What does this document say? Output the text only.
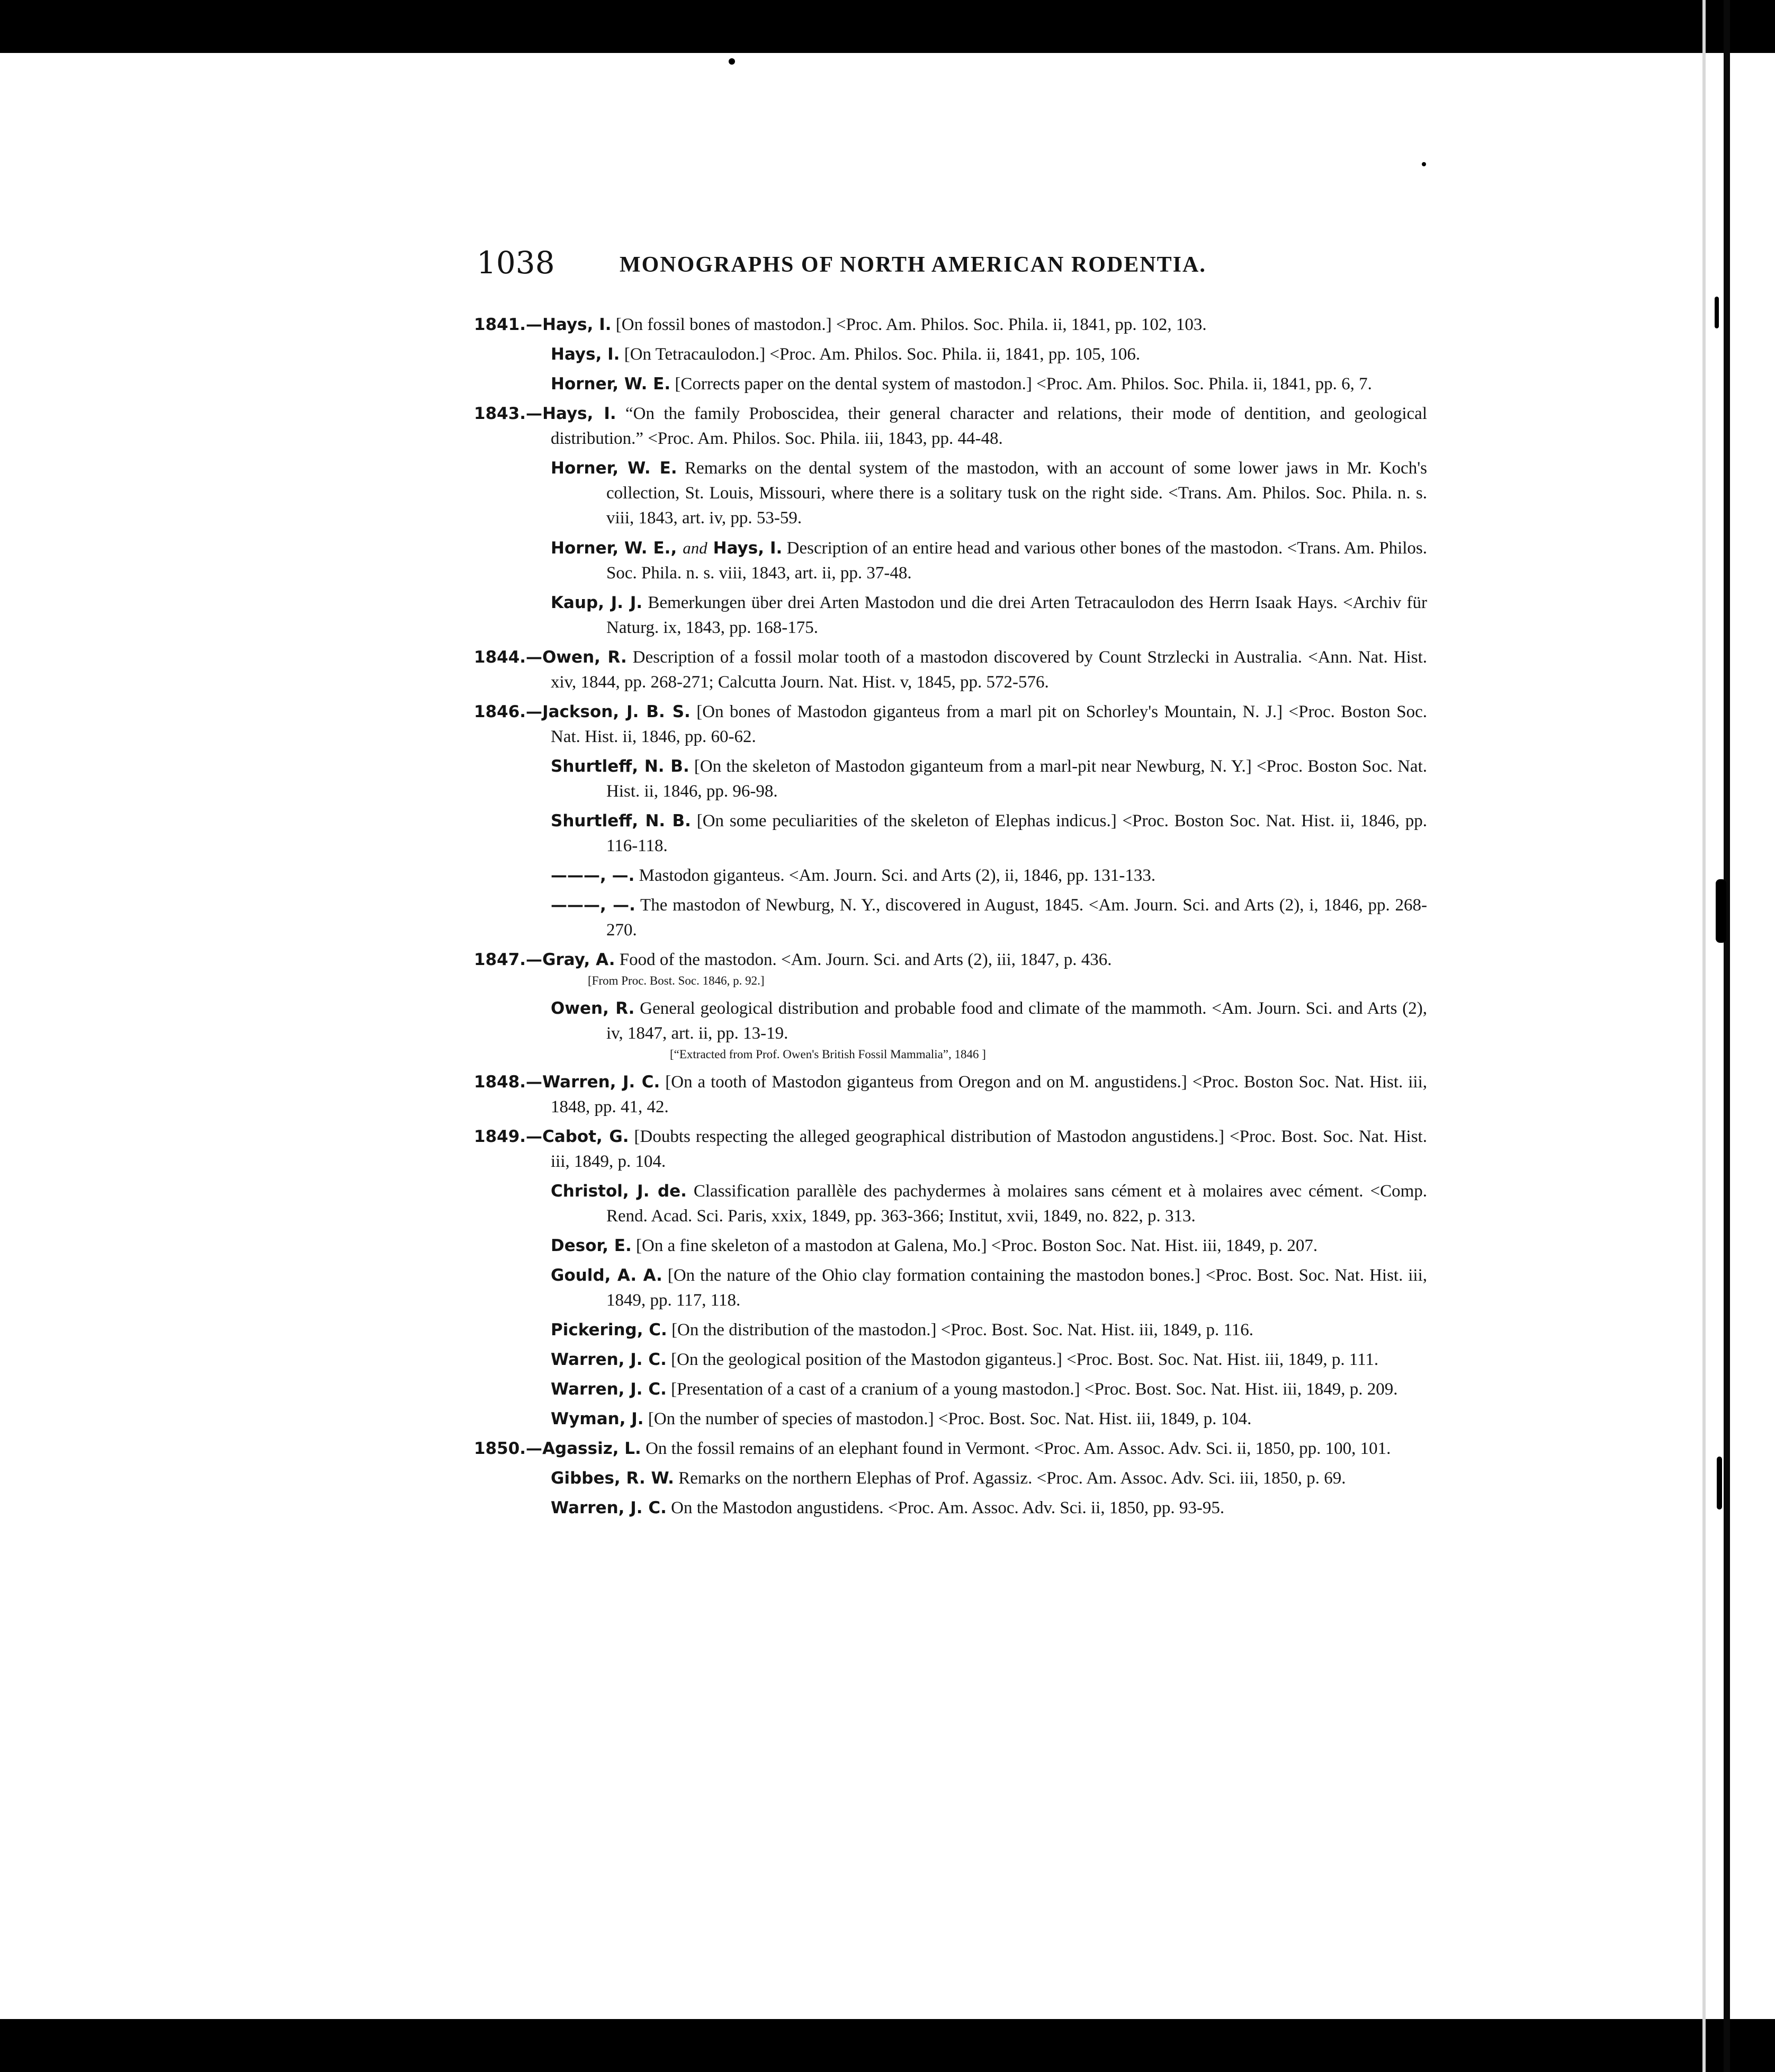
1038	MONOGRAPHS OF NORTH AMERICAN RODENTIA.
1841.—Hays, I. [On fossil bones of mastodon.] <Proc. Am. Philos. Soc. Phila. ii, 1841, pp. 102, 103.
Hays, I. [On Tetracaulodon.] <Proc. Am. Philos. Soc. Phila. ii, 1841, pp. 105, 106.
Horner, W. E. [Corrects paper on the dental system of mastodon.] <Proc. Am. Philos. Soc. Phila. ii, 1841, pp. 6, 7.
1843.—Hays, I. “On the family Proboscidea, their general character and relations, their mode of dentition, and geological distribution.” <Proc. Am. Philos. Soc. Phila. iii, 1843, pp. 44-48.
Horner, W. E. Remarks on the dental system of the mastodon, with an account of some lower jaws in Mr. Koch's collection, St. Louis, Missouri, where there is a solitary tusk on the right side. <Trans. Am. Philos. Soc. Phila. n. s. viii, 1843, art. iv, pp. 53-59.
Horner, W. E., and Hays, I. Description of an entire head and various other bones of the mastodon. <Trans. Am. Philos. Soc. Phila. n. s. viii, 1843, art. ii, pp. 37-48.
Kaup, J. J. Bemerkungen über drei Arten Mastodon und die drei Arten Tetracaulodon des Herrn Isaak Hays. <Archiv für Naturg. ix, 1843, pp. 168-175.
1844.—Owen, R. Description of a fossil molar tooth of a mastodon discovered by Count Strzlecki in Australia. <Ann. Nat. Hist. xiv, 1844, pp. 268-271; Calcutta Journ. Nat. Hist. v, 1845, pp. 572-576.
1846.—Jackson, J. B. S. [On bones of Mastodon giganteus from a marl pit on Schorley's Mountain, N. J.] <Proc. Boston Soc. Nat. Hist. ii, 1846, pp. 60-62.
Shurtleff, N. B. [On the skeleton of Mastodon giganteum from a marl-pit near Newburg, N. Y.] <Proc. Boston Soc. Nat. Hist. ii, 1846, pp. 96-98.
Shurtleff, N. B. [On some peculiarities of the skeleton of Elephas indicus.] <Proc. Boston Soc. Nat. Hist. ii, 1846, pp. 116-118.
———, —. Mastodon giganteus. <Am. Journ. Sci. and Arts (2), ii, 1846, pp. 131-133.
———, —. The mastodon of Newburg, N. Y., discovered in August, 1845. <Am. Journ. Sci. and Arts (2), i, 1846, pp. 268-270.
1847.—Gray, A. Food of the mastodon. <Am. Journ. Sci. and Arts (2), iii, 1847, p. 436.
[From Proc. Bost. Soc. 1846, p. 92.]
Owen, R. General geological distribution and probable food and climate of the mammoth. <Am. Journ. Sci. and Arts (2), iv, 1847, art. ii, pp. 13-19.
[“Extracted from Prof. Owen's British Fossil Mammalia”, 1846 ]
1848.—Warren, J. C. [On a tooth of Mastodon giganteus from Oregon and on M. angustidens.] <Proc. Boston Soc. Nat. Hist. iii, 1848, pp. 41, 42.
1849.—Cabot, G. [Doubts respecting the alleged geographical distribution of Mastodon angustidens.] <Proc. Bost. Soc. Nat. Hist. iii, 1849, p. 104.
Christol, J. de. Classification parallèle des pachydermes à molaires sans cément et à molaires avec cément. <Comp. Rend. Acad. Sci. Paris, xxix, 1849, pp. 363-366; Institut, xvii, 1849, no. 822, p. 313.
Desor, E. [On a fine skeleton of a mastodon at Galena, Mo.] <Proc. Boston Soc. Nat. Hist. iii, 1849, p. 207.
Gould, A. A. [On the nature of the Ohio clay formation containing the mastodon bones.] <Proc. Bost. Soc. Nat. Hist. iii, 1849, pp. 117, 118.
Pickering, C. [On the distribution of the mastodon.] <Proc. Bost. Soc. Nat. Hist. iii, 1849, p. 116.
Warren, J. C. [On the geological position of the Mastodon giganteus.] <Proc. Bost. Soc. Nat. Hist. iii, 1849, p. 111.
Warren, J. C. [Presentation of a cast of a cranium of a young mastodon.] <Proc. Bost. Soc. Nat. Hist. iii, 1849, p. 209.
Wyman, J. [On the number of species of mastodon.] <Proc. Bost. Soc. Nat. Hist. iii, 1849, p. 104.
1850.—Agassiz, L. On the fossil remains of an elephant found in Vermont. <Proc. Am. Assoc. Adv. Sci. ii, 1850, pp. 100, 101.
Gibbes, R. W. Remarks on the northern Elephas of Prof. Agassiz. <Proc. Am. Assoc. Adv. Sci. iii, 1850, p. 69.
Warren, J. C. On the Mastodon angustidens. <Proc. Am. Assoc. Adv. Sci. ii, 1850, pp. 93-95.
